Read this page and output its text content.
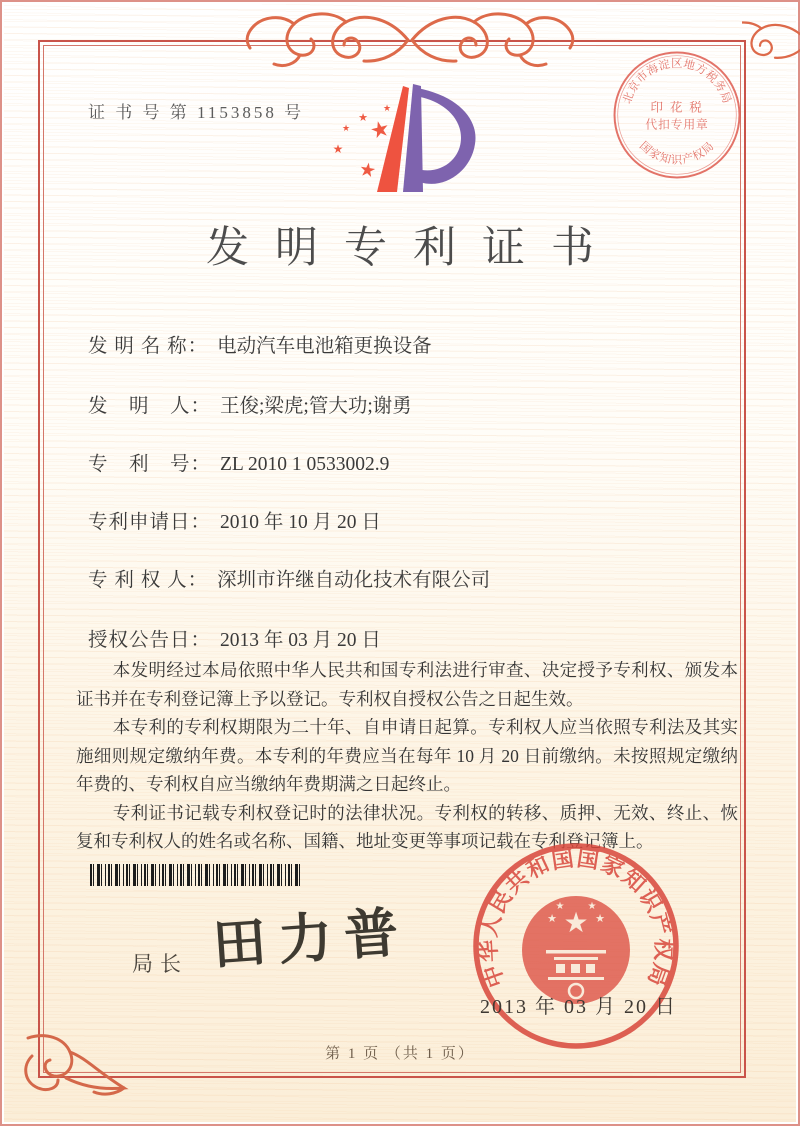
证 书 号 第 1153858 号
北京市海淀区地方税务局
印 花 税
代扣专用章
国家知识产权局
★
★
★
★
★
★
发明专利证书
发 明 名 称： 电动汽车电池箱更换设备
发　明　人： 王俊;梁虎;管大功;谢勇
专　利　号： ZL 2010 1 0533002.9
专利申请日： 2010 年 10 月 20 日
专 利 权 人： 深圳市许继自动化技术有限公司
授权公告日： 2013 年 03 月 20 日

本发明经过本局依照中华人民共和国专利法进行审查、决定授予专利权、颁发本证书并在专利登记簿上予以登记。专利权自授权公告之日起生效。

本专利的专利权期限为二十年、自申请日起算。专利权人应当依照专利法及其实施细则规定缴纳年费。本专利的年费应当在每年 10 月 20 日前缴纳。未按照规定缴纳年费的、专利权自应当缴纳年费期满之日起终止。

专利证书记载专利权登记时的法律状况。专利权的转移、质押、无效、终止、恢复和专利权人的姓名或名称、国籍、地址变更等事项记载在专利登记簿上。

局长 田力普	中华人民共和国国家知识产权局
★
★	★
★ ★
2013 年 03 月 20 日
第 1 页 （共 1 页）
